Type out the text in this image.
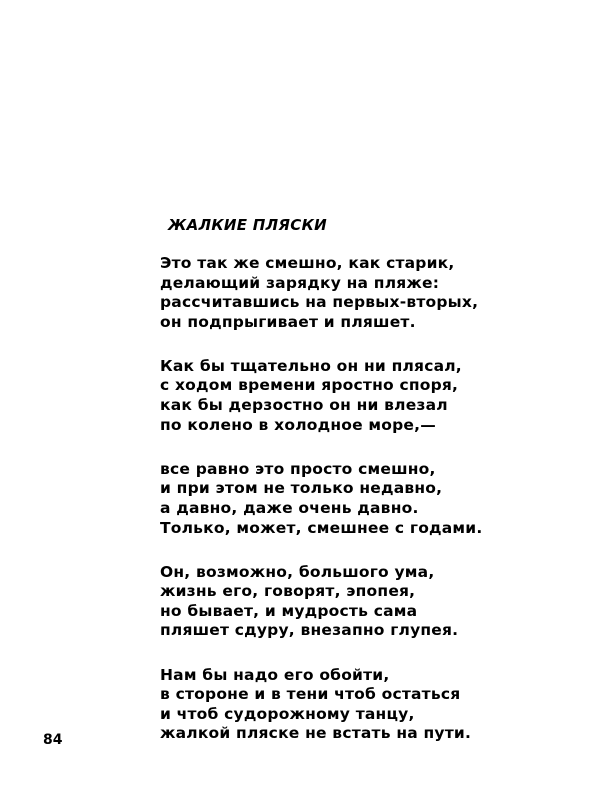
ЖАЛКИЕ ПЛЯСКИ
Это так же смешно, как старик,
делающий зарядку на пляже:
рассчитавшись на первых-вторых,
он подпрыгивает и пляшет.
Как бы тщательно он ни плясал,
с ходом времени яростно споря,
как бы дерзостно он ни влезал
по колено в холодное море,—
все равно это просто смешно,
и при этом не только недавно,
а давно, даже очень давно.
Только, может, смешнее с годами.
Он, возможно, большого ума,
жизнь его, говорят, эпопея,
но бывает, и мудрость сама
пляшет сдуру, внезапно глупея.
Нам бы надо его обойти,
в стороне и в тени чтоб остаться
и чтоб судорожному танцу,
жалкой пляске не встать на пути.
84
